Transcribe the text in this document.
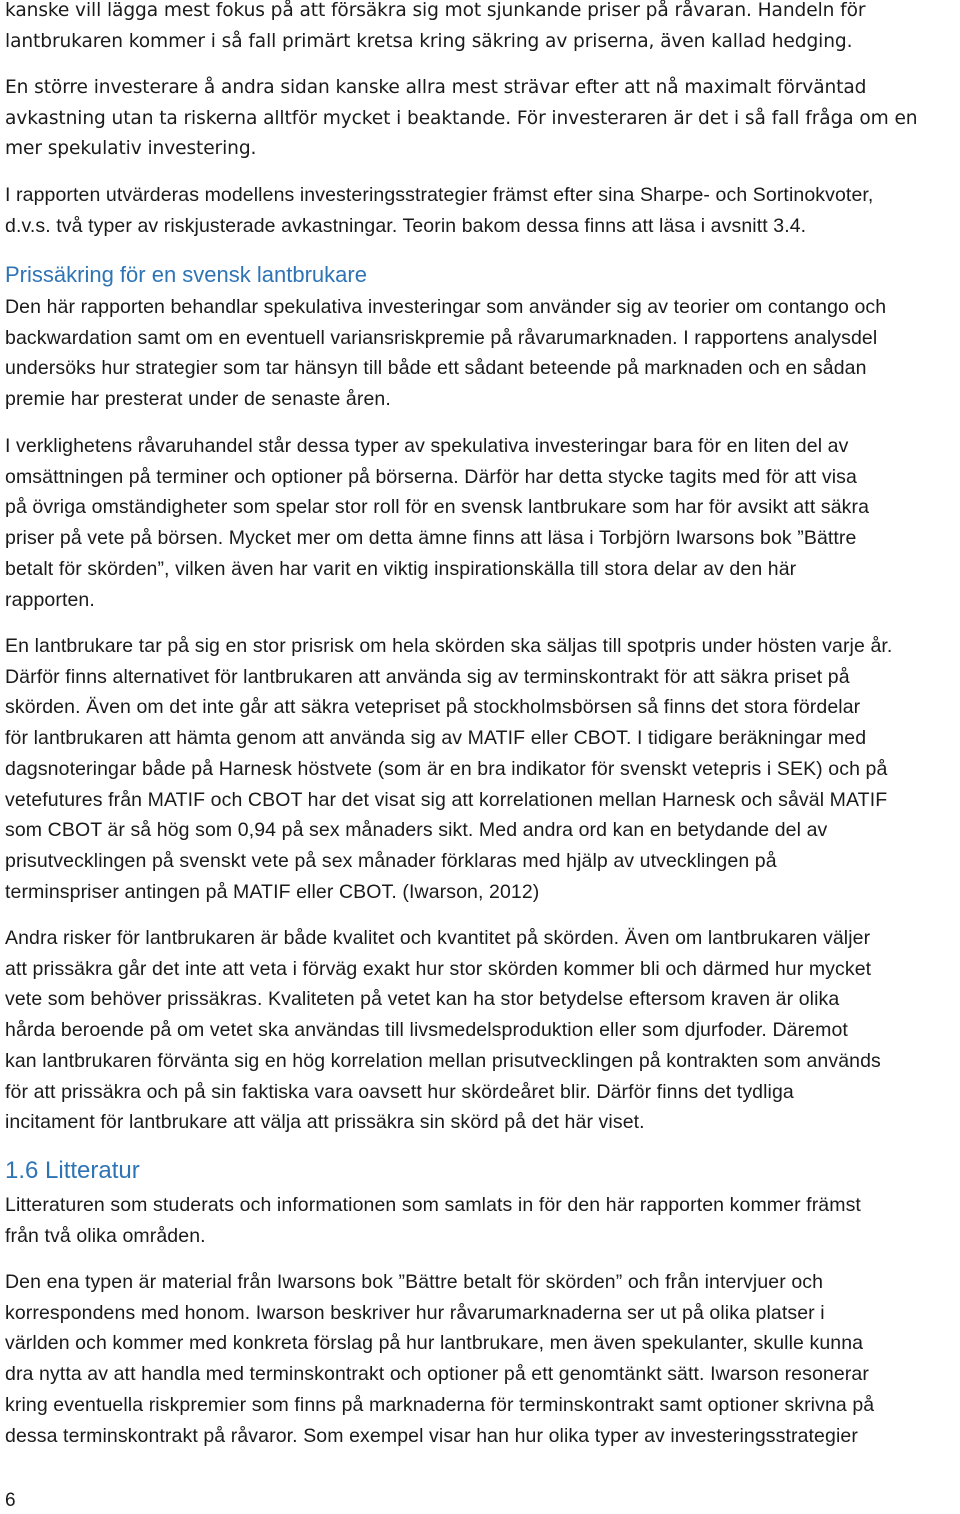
kanske vill lägga mest fokus på att försäkra sig mot sjunkande priser på råvaran. Handeln för
lantbrukaren kommer i så fall primärt kretsa kring säkring av priserna, även kallad hedging.

En större investerare å andra sidan kanske allra mest strävar efter att nå maximalt förväntad
avkastning utan ta riskerna alltför mycket i beaktande. För investeraren är det i så fall fråga om en
mer spekulativ investering.

I rapporten utvärderas modellens investeringsstrategier främst efter sina Sharpe- och Sortinokvoter,
d.v.s. två typer av riskjusterade avkastningar. Teorin bakom dessa finns att läsa i avsnitt 3.4.

Prissäkring för en svensk lantbrukare

Den här rapporten behandlar spekulativa investeringar som använder sig av teorier om contango och
backwardation samt om en eventuell variansriskpremie på råvarumarknaden. I rapportens analysdel
undersöks hur strategier som tar hänsyn till både ett sådant beteende på marknaden och en sådan
premie har presterat under de senaste åren.

I verklighetens råvaruhandel står dessa typer av spekulativa investeringar bara för en liten del av
omsättningen på terminer och optioner på börserna. Därför har detta stycke tagits med för att visa
på övriga omständigheter som spelar stor roll för en svensk lantbrukare som har för avsikt att säkra
priser på vete på börsen. Mycket mer om detta ämne finns att läsa i Torbjörn Iwarsons bok ”Bättre
betalt för skörden”, vilken även har varit en viktig inspirationskälla till stora delar av den här
rapporten.

En lantbrukare tar på sig en stor prisrisk om hela skörden ska säljas till spotpris under hösten varje år.
Därför finns alternativet för lantbrukaren att använda sig av terminskontrakt för att säkra priset på
skörden. Även om det inte går att säkra vetepriset på stockholmsbörsen så finns det stora fördelar
för lantbrukaren att hämta genom att använda sig av MATIF eller CBOT. I tidigare beräkningar med
dagsnoteringar både på Harnesk höstvete (som är en bra indikator för svenskt vetepris i SEK) och på
vetefutures från MATIF och CBOT har det visat sig att korrelationen mellan Harnesk och såväl MATIF
som CBOT är så hög som 0,94 på sex månaders sikt. Med andra ord kan en betydande del av
prisutvecklingen på svenskt vete på sex månader förklaras med hjälp av utvecklingen på
terminspriser antingen på MATIF eller CBOT. (Iwarson, 2012)

Andra risker för lantbrukaren är både kvalitet och kvantitet på skörden. Även om lantbrukaren väljer
att prissäkra går det inte att veta i förväg exakt hur stor skörden kommer bli och därmed hur mycket
vete som behöver prissäkras. Kvaliteten på vetet kan ha stor betydelse eftersom kraven är olika
hårda beroende på om vetet ska användas till livsmedelsproduktion eller som djurfoder. Däremot
kan lantbrukaren förvänta sig en hög korrelation mellan prisutvecklingen på kontrakten som används
för att prissäkra och på sin faktiska vara oavsett hur skördeåret blir. Därför finns det tydliga
incitament för lantbrukare att välja att prissäkra sin skörd på det här viset.

1.6 Litteratur

Litteraturen som studerats och informationen som samlats in för den här rapporten kommer främst
från två olika områden.

Den ena typen är material från Iwarsons bok ”Bättre betalt för skörden” och från intervjuer och
korrespondens med honom. Iwarson beskriver hur råvarumarknaderna ser ut på olika platser i
världen och kommer med konkreta förslag på hur lantbrukare, men även spekulanter, skulle kunna
dra nytta av att handla med terminskontrakt och optioner på ett genomtänkt sätt. Iwarson resonerar
kring eventuella riskpremier som finns på marknaderna för terminskontrakt samt optioner skrivna på
dessa terminskontrakt på råvaror. Som exempel visar han hur olika typer av investeringsstrategier

6
